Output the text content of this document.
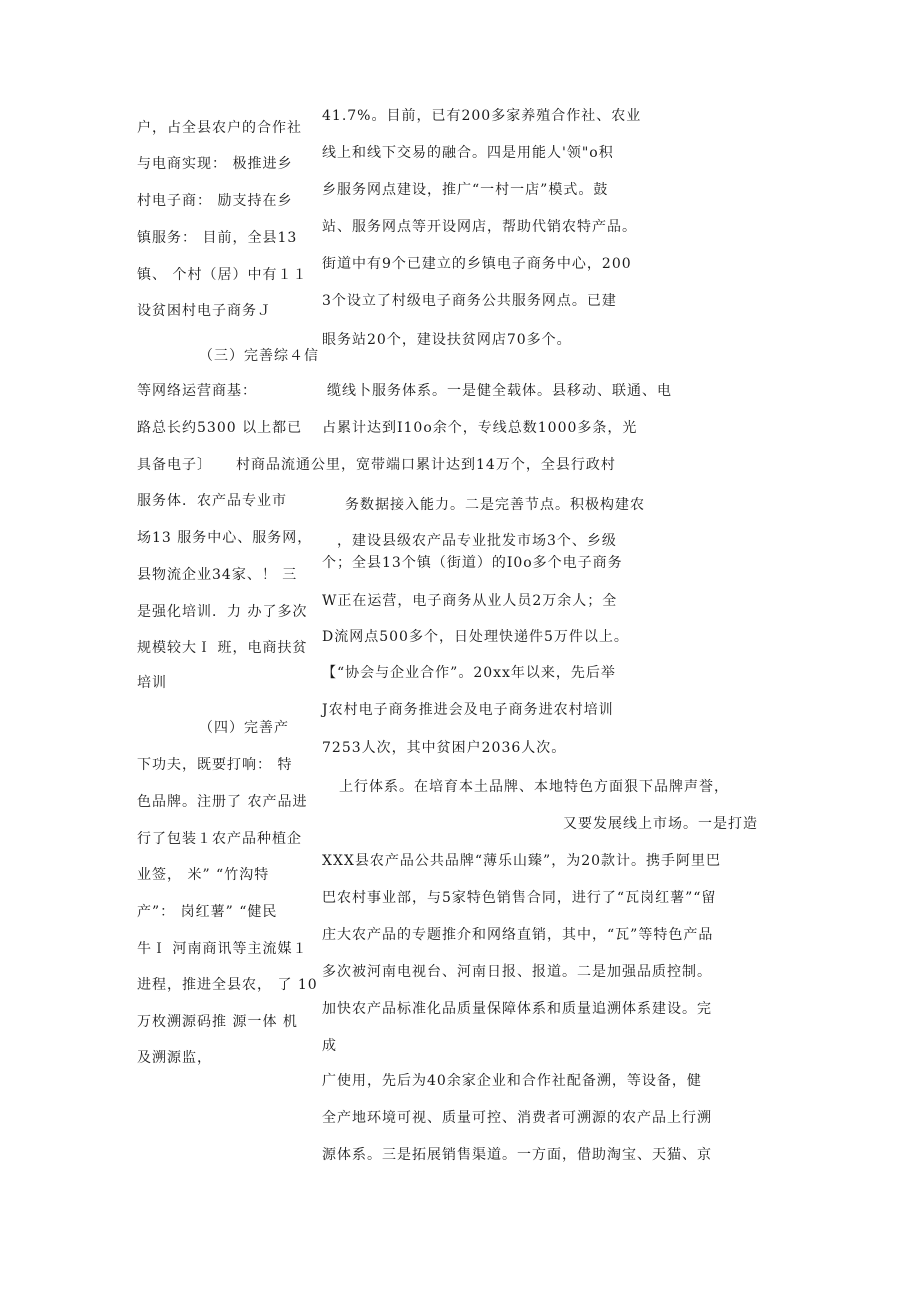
户，占全县农户的合作社
与电商实现： 极推进乡
村电子商： 励支持在乡
镇服务： 目前，全县13
镇、 个村（居）中有１１
设贫困村电子商务Ｊ
（三）完善综４信
等网络运营商基：
路总长约5300 以上都已
具备电子〕
服务体．农产品专业市
场13 服务中心、服务网，
县物流企业34家、！ 三
是强化培训．力 办了多次
规模较大Ｉ 班，电商扶贫
培训
（四）完善产
下功夫，既要打响： 特
色品牌。注册了 农产品进
行了包装１农产品种植企
业签， 米” “竹沟特
产”： 岗红薯” “健民
牛Ｉ 河南商讯等主流媒１
进程，推进全县农， 了 10
万枚溯源码推 源一体 机
及溯源监，
41.7%。目前，已有200多家养殖合作社、农业
线上和线下交易的融合。四是用能人'领"o积
乡服务网点建设，推广“一村一店”模式。鼓
站、服务网点等开设网店，帮助代销农特产品。
街道中有9个已建立的乡镇电子商务中心，200
3个设立了村级电子商务公共服务网点。已建
眼务站20个，建设扶贫网店70多个。
缆线卜服务体系。一是健全载体。县移动、联通、电
占累计达到I10o余个，专线总数1000多条，光
村商品流通公里，宽带端口累计达到14万个，全县行政村
务数据接入能力。二是完善节点。积极构建农
，建设县级农产品专业批发市场3个、乡级
个；全县13个镇（街道）的I0o多个电子商务
W正在运营，电子商务从业人员2万余人；全
D流网点500多个，日处理快递件5万件以上。
【“协会与企业合作”。20xx年以来，先后举
J农村电子商务推进会及电子商务进农村培训
7253人次，其中贫困户2036人次。
上行体系。在培育本土品牌、本地特色方面狠下品牌声誉，
又要发展线上市场。一是打造
XXX县农产品公共品牌“薄乐山臻”，为20款计。携手阿里巴
巴农村事业部，与5家特色销售合同，进行了“瓦岗红薯”“留
庄大农产品的专题推介和网络直销，其中，“瓦”等特色产品
多次被河南电视台、河南日报、报道。二是加强品质控制。
加快农产品标准化品质量保障体系和质量追溯体系建设。完
成
广使用，先后为40余家企业和合作社配备溯，等设备，健
全产地环境可视、质量可控、消费者可溯源的农产品上行溯
源体系。三是拓展销售渠道。一方面，借助淘宝、天猫、京
